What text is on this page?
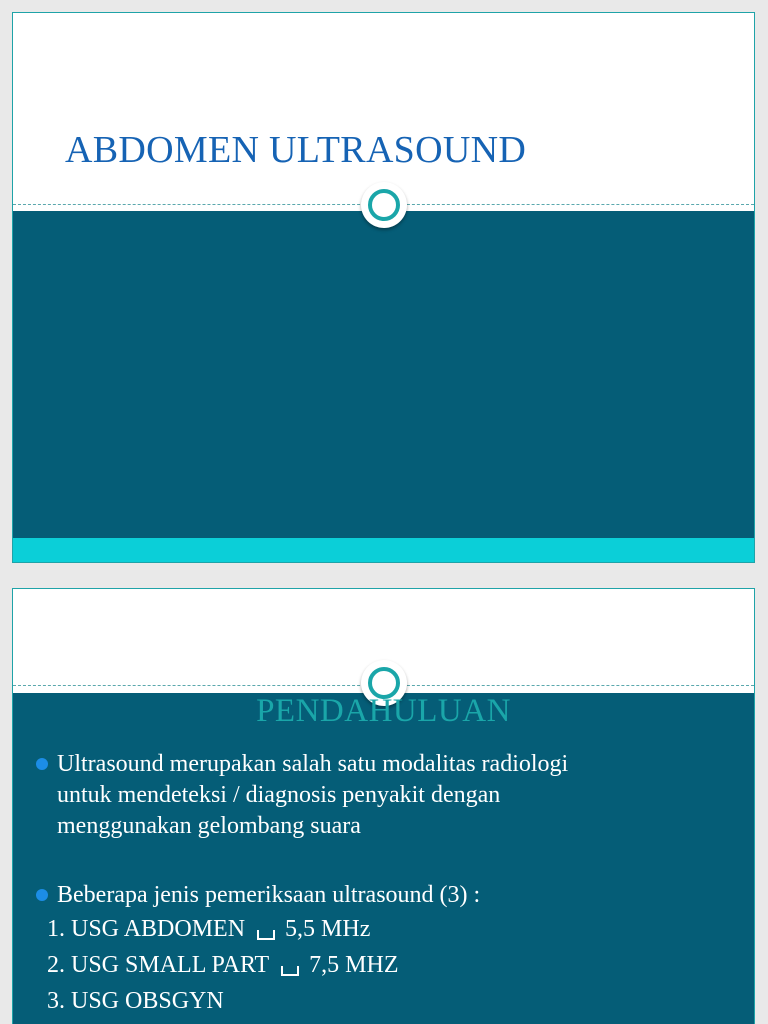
ABDOMEN ULTRASOUND
PENDAHULUAN
Ultrasound merupakan salah satu modalitas radiologi
untuk mendeteksi / diagnosis penyakit dengan
menggunakan gelombang suara
Beberapa jenis pemeriksaan ultrasound (3) :
1. USG ABDOMEN 5,5 MHz
2. USG SMALL PART 7,5 MHZ
3. USG OBSGYN
